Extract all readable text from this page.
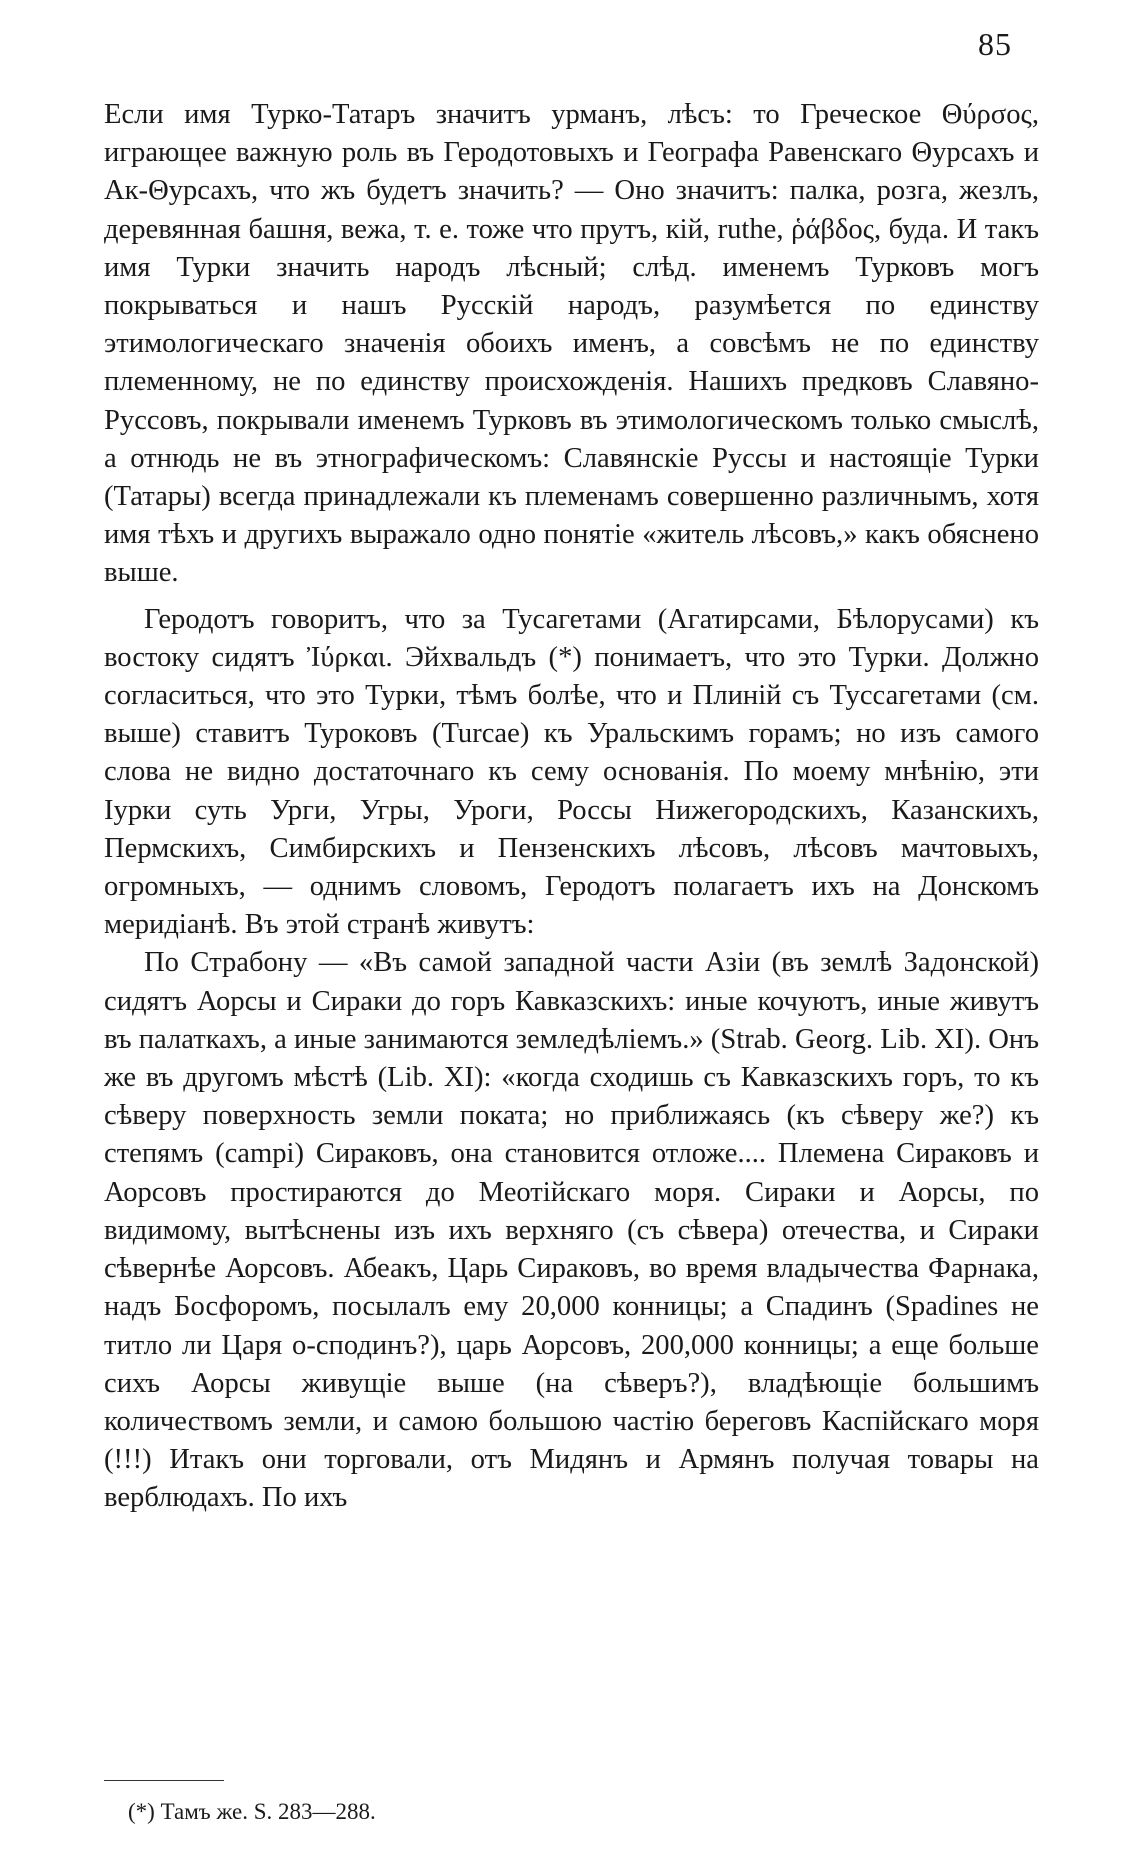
85

Если имя Турко-Татаръ значитъ урманъ, лѣсъ: то Греческое Θύρσος, играющее важную роль въ Геродотовыхъ и Географа Равенскаго Θурсахъ и Ак-Θурсахъ, что жъ будетъ значить? — Оно значитъ: палка, розга, жезлъ, деревянная башня, вежа, т. е. тоже что прутъ, кій, ruthe, ῥάβδος, буда. И такъ имя Турки значить народъ лѣсный; слѣд. именемъ Турковъ могъ покрываться и нашъ Русскій народъ, разумѣется по единству этимологическаго значенія обоихъ именъ, а совсѣмъ не по единству племенному, не по единству происхожденія. Нашихъ предковъ Славяно-Руссовъ, покрывали именемъ Турковъ въ этимологическомъ только смыслѣ, а отнюдь не въ этнографическомъ: Славянскіе Руссы и настоящіе Турки (Татары) всегда принадлежали къ племенамъ совершенно различнымъ, хотя имя тѣхъ и другихъ выражало одно понятіе «житель лѣсовъ,» какъ обяснено выше.

Геродотъ говоритъ, что за Тусагетами (Агатирсами, Бѣлорусами) къ востоку сидятъ Ἰύρκαι. Эйхвальдъ (*) понимаетъ, что это Турки. Должно согласиться, что это Турки, тѣмъ болѣе, что и Плиній съ Туссагетами (см. выше) ставитъ Туроковъ (Turcae) къ Уральскимъ горамъ; но изъ самого слова не видно достаточнаго къ сему основанія. По моему мнѣнію, эти Іурки суть Урги, Угры, Уроги, Россы Нижегородскихъ, Казанскихъ, Пермскихъ, Симбирскихъ и Пензенскихъ лѣсовъ, лѣсовъ мачтовыхъ, огромныхъ, — однимъ словомъ, Геродотъ полагаетъ ихъ на Донскомъ меридіанѣ. Въ этой странѣ живутъ:

По Страбону — «Въ самой западной части Азіи (въ землѣ Задонской) сидятъ Аорсы и Сираки до горъ Кавказскихъ: иные кочуютъ, иные живутъ въ палаткахъ, а иные занимаются земледѣліемъ.» (Strab. Georg. Lib. XI). Онъ же въ другомъ мѣстѣ (Lib. XI): «когда сходишь съ Кавказскихъ горъ, то къ сѣверу поверхность земли поката; но приближаясь (къ сѣверу же?) къ степямъ (campi) Сираковъ, она становится отложе.... Племена Сираковъ и Аорсовъ простираются до Меотійскаго моря. Сираки и Аорсы, по видимому, вытѣснены изъ ихъ верхняго (съ сѣвера) отечества, и Сираки сѣвернѣе Аорсовъ. Абеакъ, Царь Сираковъ, во время владычества Фарнака, надъ Босфоромъ, посылалъ ему 20,000 конницы; а Спадинъ (Spadines не титло ли Царя о-сподинъ?), царь Аорсовъ, 200,000 конницы; а еще больше сихъ Аорсы живущіе выше (на сѣверъ?), владѣющіе большимъ количествомъ земли, и самою большою частію береговъ Каспійскаго моря (!!!) Итакъ они торговали, отъ Мидянъ и Армянъ получая товары на верблюдахъ. По ихъ

(*) Тамъ же. S. 283—288.
